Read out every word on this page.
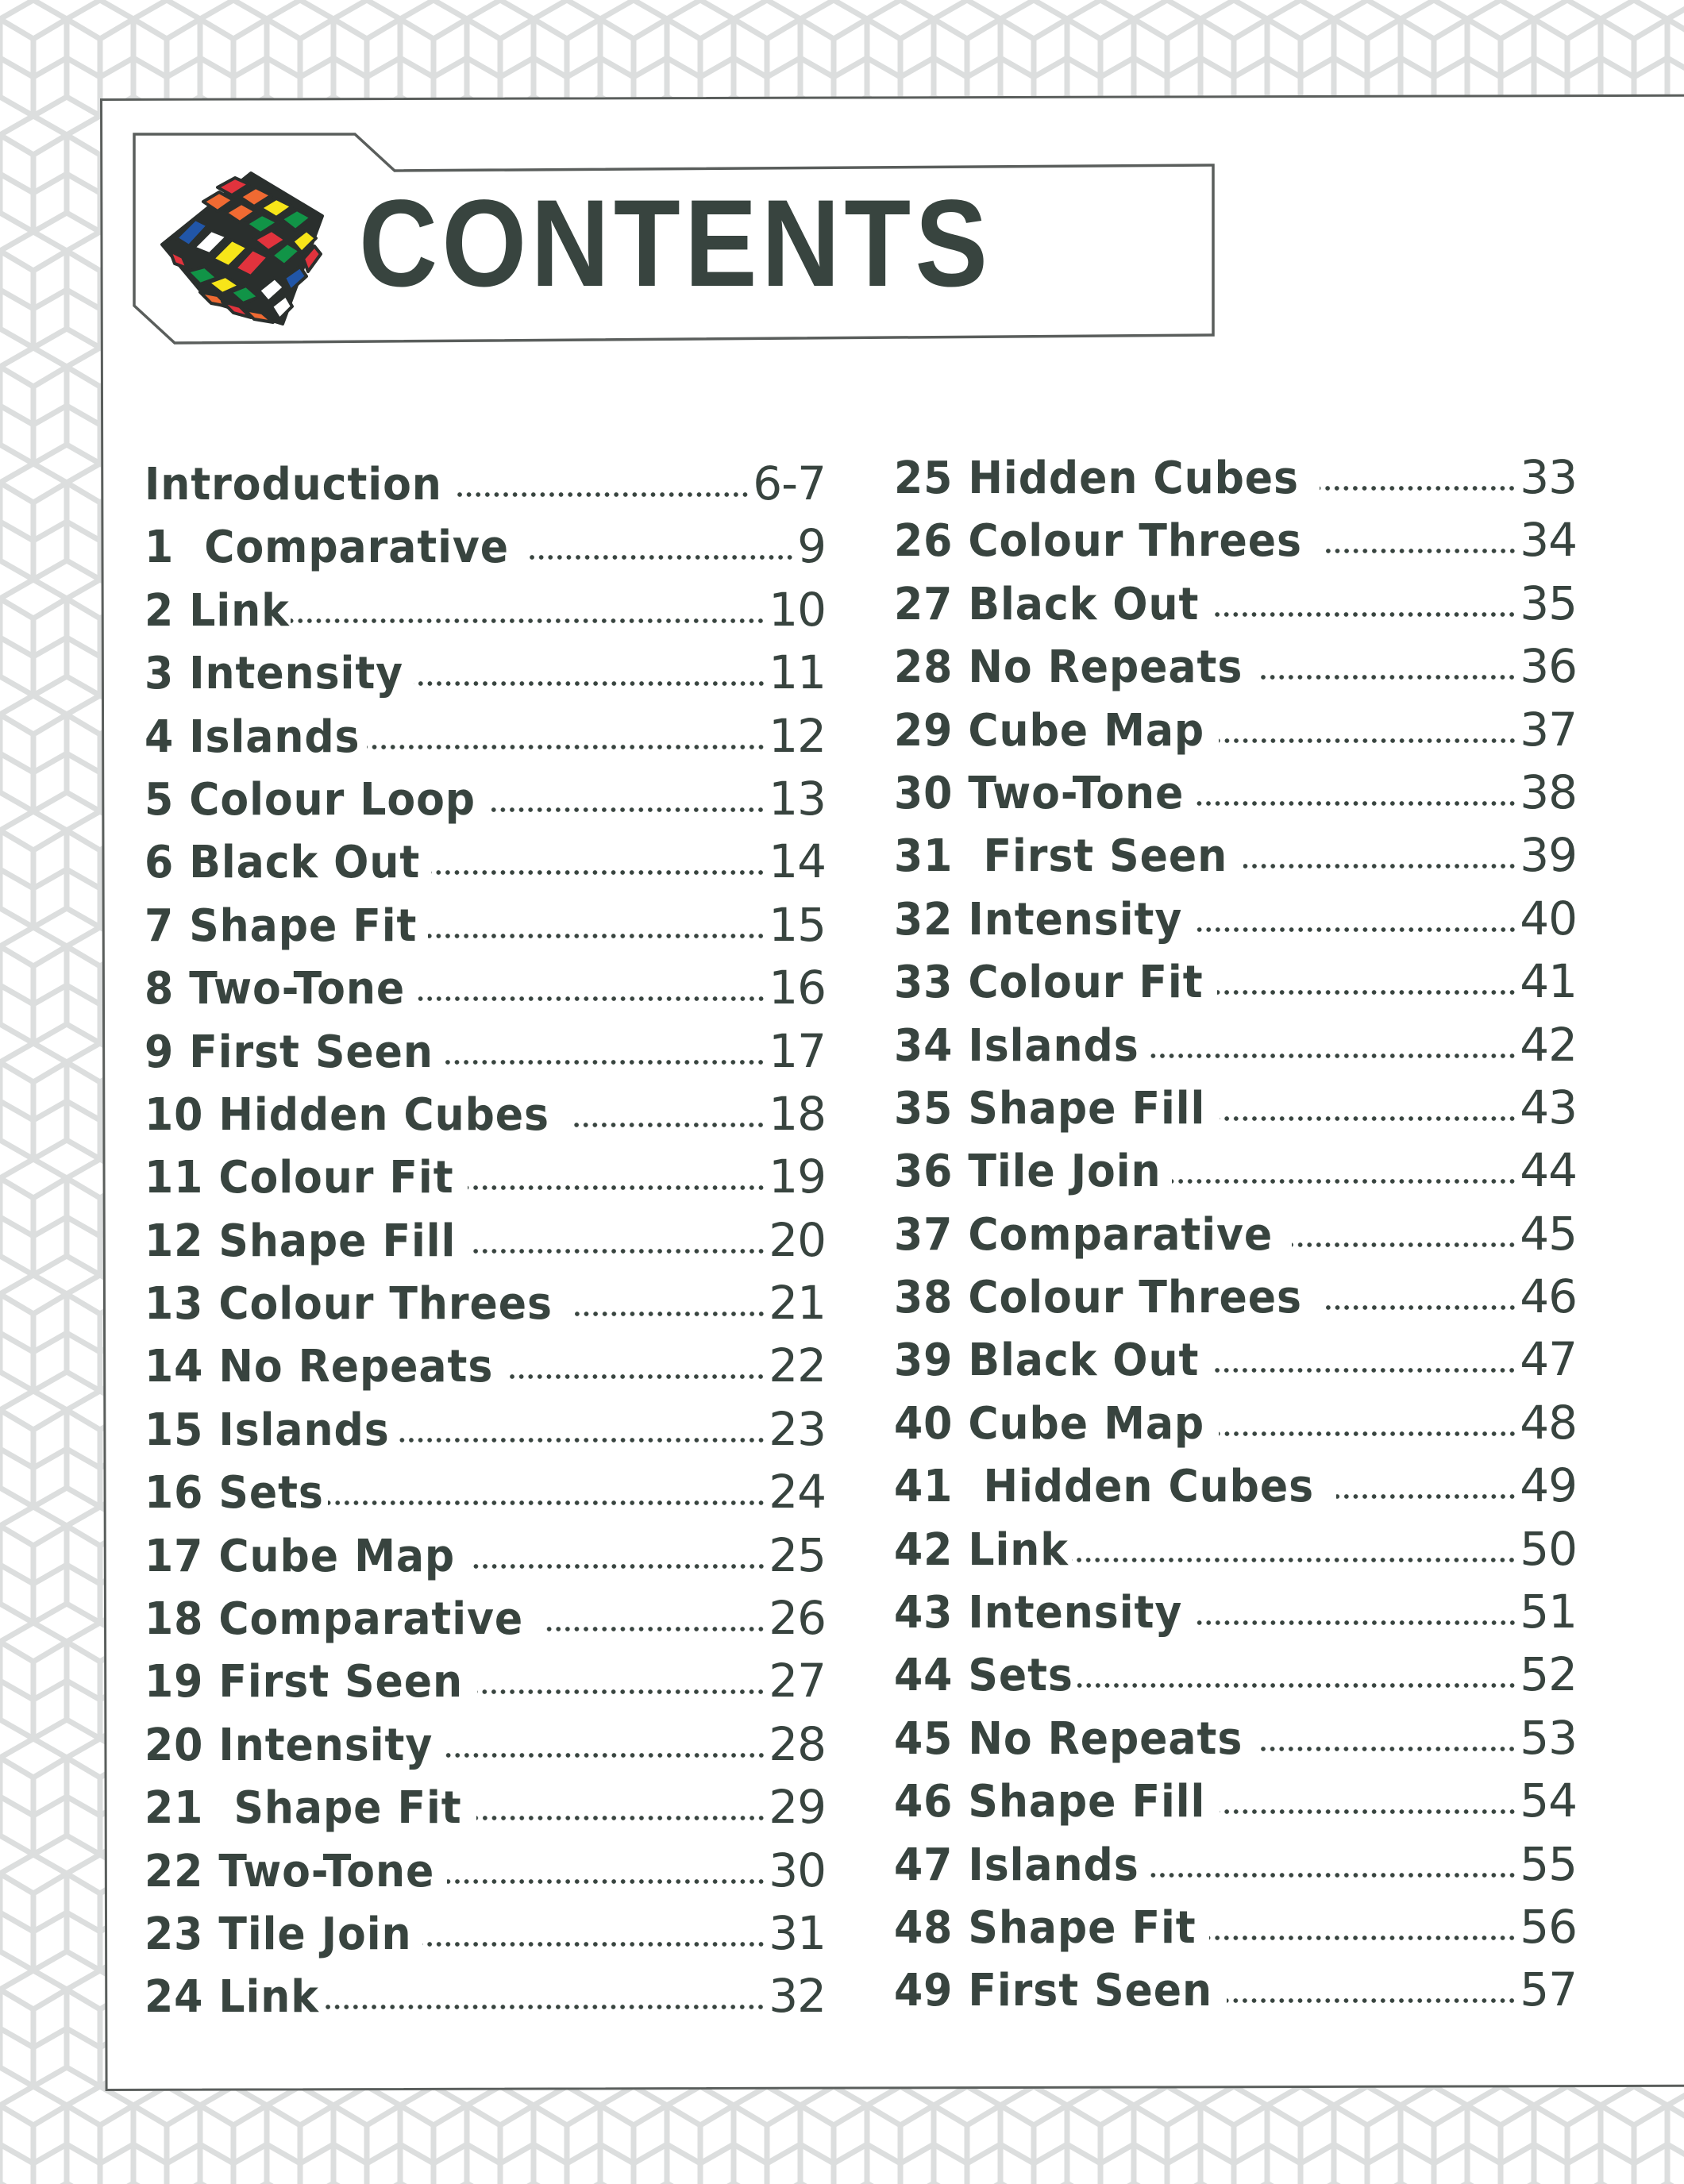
CONTENTS
Introduction	6-7
1  Comparative	9
2 Link	10
3 Intensity	11
4 Islands	12
5 Colour Loop	13
6 Black Out	14
7 Shape Fit	15
8 Two-Tone	16
9 First Seen	17
10 Hidden Cubes	18
11 Colour Fit	19
12 Shape Fill	20
13 Colour Threes	21
14 No Repeats	22
15 Islands	23
16 Sets	24
17 Cube Map	25
18 Comparative	26
19 First Seen	27
20 Intensity	28
21  Shape Fit	29
22 Two-Tone	30
23 Tile Join	31
24 Link	32
25 Hidden Cubes	33
26 Colour Threes	34
27 Black Out	35
28 No Repeats	36
29 Cube Map	37
30 Two-Tone	38
31  First Seen	39
32 Intensity	40
33 Colour Fit	41
34 Islands	42
35 Shape Fill	43
36 Tile Join	44
37 Comparative	45
38 Colour Threes	46
39 Black Out	47
40 Cube Map	48
41  Hidden Cubes	49
42 Link	50
43 Intensity	51
44 Sets	52
45 No Repeats	53
46 Shape Fill	54
47 Islands	55
48 Shape Fit	56
49 First Seen	57
